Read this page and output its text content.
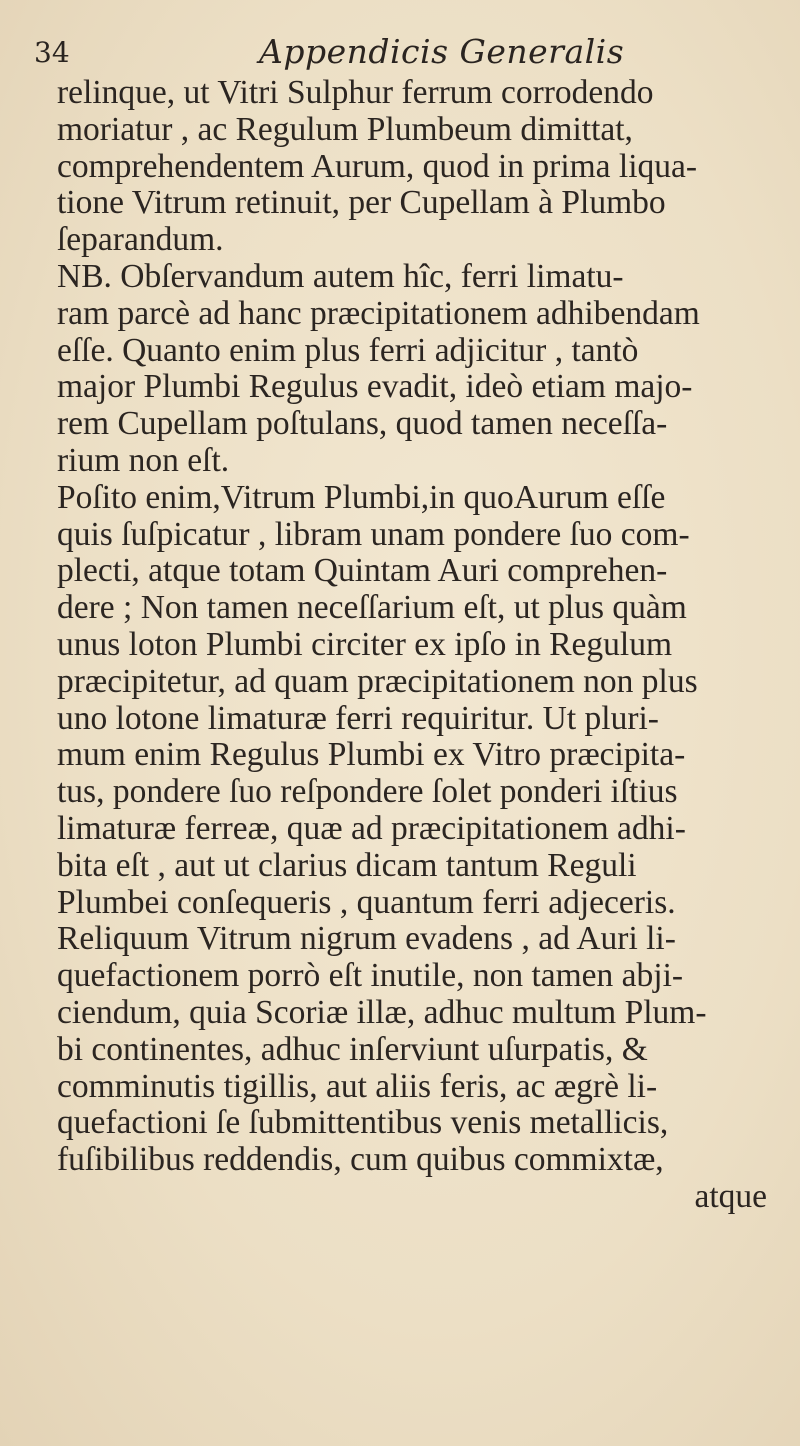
34	Appendicis Generalis
relinque, ut Vitri Sulphur ferrum corrodendo
moriatur , ac Regulum Plumbeum dimittat,
comprehendentem Aurum, quod in prima liqua-
tione Vitrum retinuit, per Cupellam à Plumbo
ſeparandum.
NB. Obſervandum autem hîc, ferri limatu-
ram parcè ad hanc præcipitationem adhibendam
eſſe. Quanto enim plus ferri adjicitur , tantò
major Plumbi Regulus evadit, ideò etiam majo-
rem Cupellam poſtulans, quod tamen neceſſa-
rium non eſt.
Poſito enim,Vitrum Plumbi,in quoAurum eſſe
quis ſuſpicatur , libram unam pondere ſuo com-
plecti, atque totam Quintam Auri comprehen-
dere ; Non tamen neceſſarium eſt, ut plus quàm
unus loton Plumbi circiter ex ipſo in Regulum
præcipitetur, ad quam præcipitationem non plus
uno lotone limaturæ ferri requiritur. Ut pluri-
mum enim Regulus Plumbi ex Vitro præcipita-
tus, pondere ſuo reſpondere ſolet ponderi iſtius
limaturæ ferreæ, quæ ad præcipitationem adhi-
bita eſt , aut ut clarius dicam tantum Reguli
Plumbei conſequeris , quantum ferri adjeceris.
Reliquum Vitrum nigrum evadens , ad Auri li-
quefactionem porrò eſt inutile, non tamen abji-
ciendum, quia Scoriæ illæ, adhuc multum Plum-
bi continentes, adhuc inſerviunt uſurpatis, &
comminutis tigillis, aut aliis feris, ac ægrè li-
quefactioni ſe ſubmittentibus venis metallicis,
fuſibilibus reddendis, cum quibus commixtæ,
atque
